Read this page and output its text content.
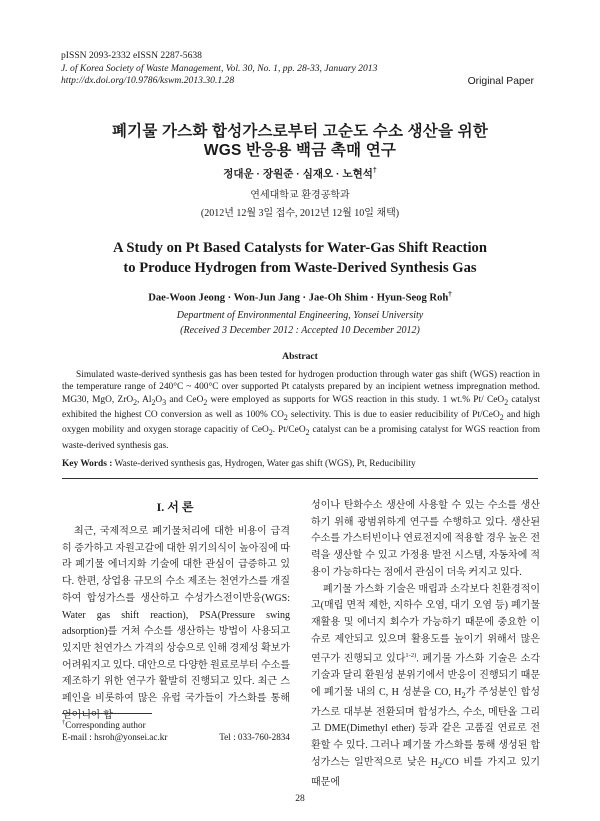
pISSN 2093-2332 eISSN 2287-5638
J. of Korea Society of Waste Management, Vol. 30, No. 1, pp. 28-33, January 2013
http://dx.doi.org/10.9786/kswm.2013.30.1.28	Original Paper
폐기물 가스화 합성가스로부터 고순도 수소 생산을 위한
WGS 반응용 백금 촉매 연구
정대운 · 장원준 · 심재오 · 노현석†
연세대학교 환경공학과
(2012년 12월 3일 접수, 2012년 12월 10일 채택)
A Study on Pt Based Catalysts for Water-Gas Shift Reaction
to Produce Hydrogen from Waste-Derived Synthesis Gas
Dae-Woon Jeong · Won-Jun Jang · Jae-Oh Shim · Hyun-Seog Roh†
Department of Environmental Engineering, Yonsei University
(Received 3 December 2012 : Accepted 10 December 2012)
Abstract

Simulated waste-derived synthesis gas has been tested for hydrogen production through water gas shift (WGS) reaction in the temperature range of 240°C ~ 400°C over supported Pt catalysts prepared by an incipient wetness impregnation method. MG30, MgO, ZrO$_2$, $Al_2O_3$ and CeO$_2$ were employed as supports for WGS reaction in this study. 1 wt.% Pt/ CeO$_2$ catalyst exhibited the highest CO conversion as well as 100% $CO_2$ selectivity. This is due to easier reducibility of Pt/CeO$_2$ and high oxygen mobility and oxygen storage capacitiy of CeO$_2$. Pt/CeO$_2$ catalyst can be a promising catalyst for WGS reaction from waste-derived synthesis gas.

Key Words : Waste-derived synthesis gas, Hydrogen, Water gas shift (WGS), Pt, Reducibility
I. 서 론

최근, 국제적으로 폐기물처리에 대한 비용이 급격히 증가하고 자원고갈에 대한 위기의식이 높아짐에 따라 폐기물 에너지화 기술에 대한 관심이 급증하고 있다. 한편, 상업용 규모의 수소 제조는 천연가스를 개질하여 합성가스를 생산하고 수성가스전이반응(WGS: Water gas shift reaction), PSA(Pressure swing adsorption)를 거쳐 수소를 생산하는 방법이 사용되고 있지만 천연가스 가격의 상승으로 인해 경제성 확보가 어려워지고 있다. 대안으로 다양한 원료로부터 수소를 제조하기 위한 연구가 활발히 진행되고 있다. 최근 스페인을 비롯하여 많은 유럽 국가들이 가스화를 통해 얻어니아 합

성이나 탄화수소 생산에 사용할 수 있는 수소를 생산하기 위해 광범위하게 연구를 수행하고 있다. 생산된 수소를 가스터빈이나 연료전지에 적용할 경우 높은 전력을 생산할 수 있고 가정용 발전 시스템, 자동차에 적용이 가능하다는 점에서 관심이 더욱 커지고 있다.

폐기물 가스화 기술은 매립과 소각보다 친환경적이고(매립 면적 제한, 지하수 오염, 대기 오염 등) 폐기물 재활용 및 에너지 회수가 가능하기 때문에 중요한 이슈로 제안되고 있으며 활용도를 높이기 위해서 많은 연구가 진행되고 있다$^{1-2)}$. 폐기물 가스화 기술은 소각 기술과 달리 환원성 분위기에서 반응이 진행되기 때문에 폐기물 내의 C, H 성분을 CO, $H_2$가 주성분인 합성가스로 대부분 전환되며 합성가스, 수소, 메탄올 그리고 DME(Dimethyl ether) 등과 같은 고품질 연료로 전환할 수 있다. 그러나 폐기물 가스화를 통해 생성된 합성가스는 일반적으로 낮은 $H_2/CO$ 비를 가지고 있기 때문에

†Corresponding author
E-mail : hsroh@yonsei.ac.kr	Tel : 033-760-2834
28
